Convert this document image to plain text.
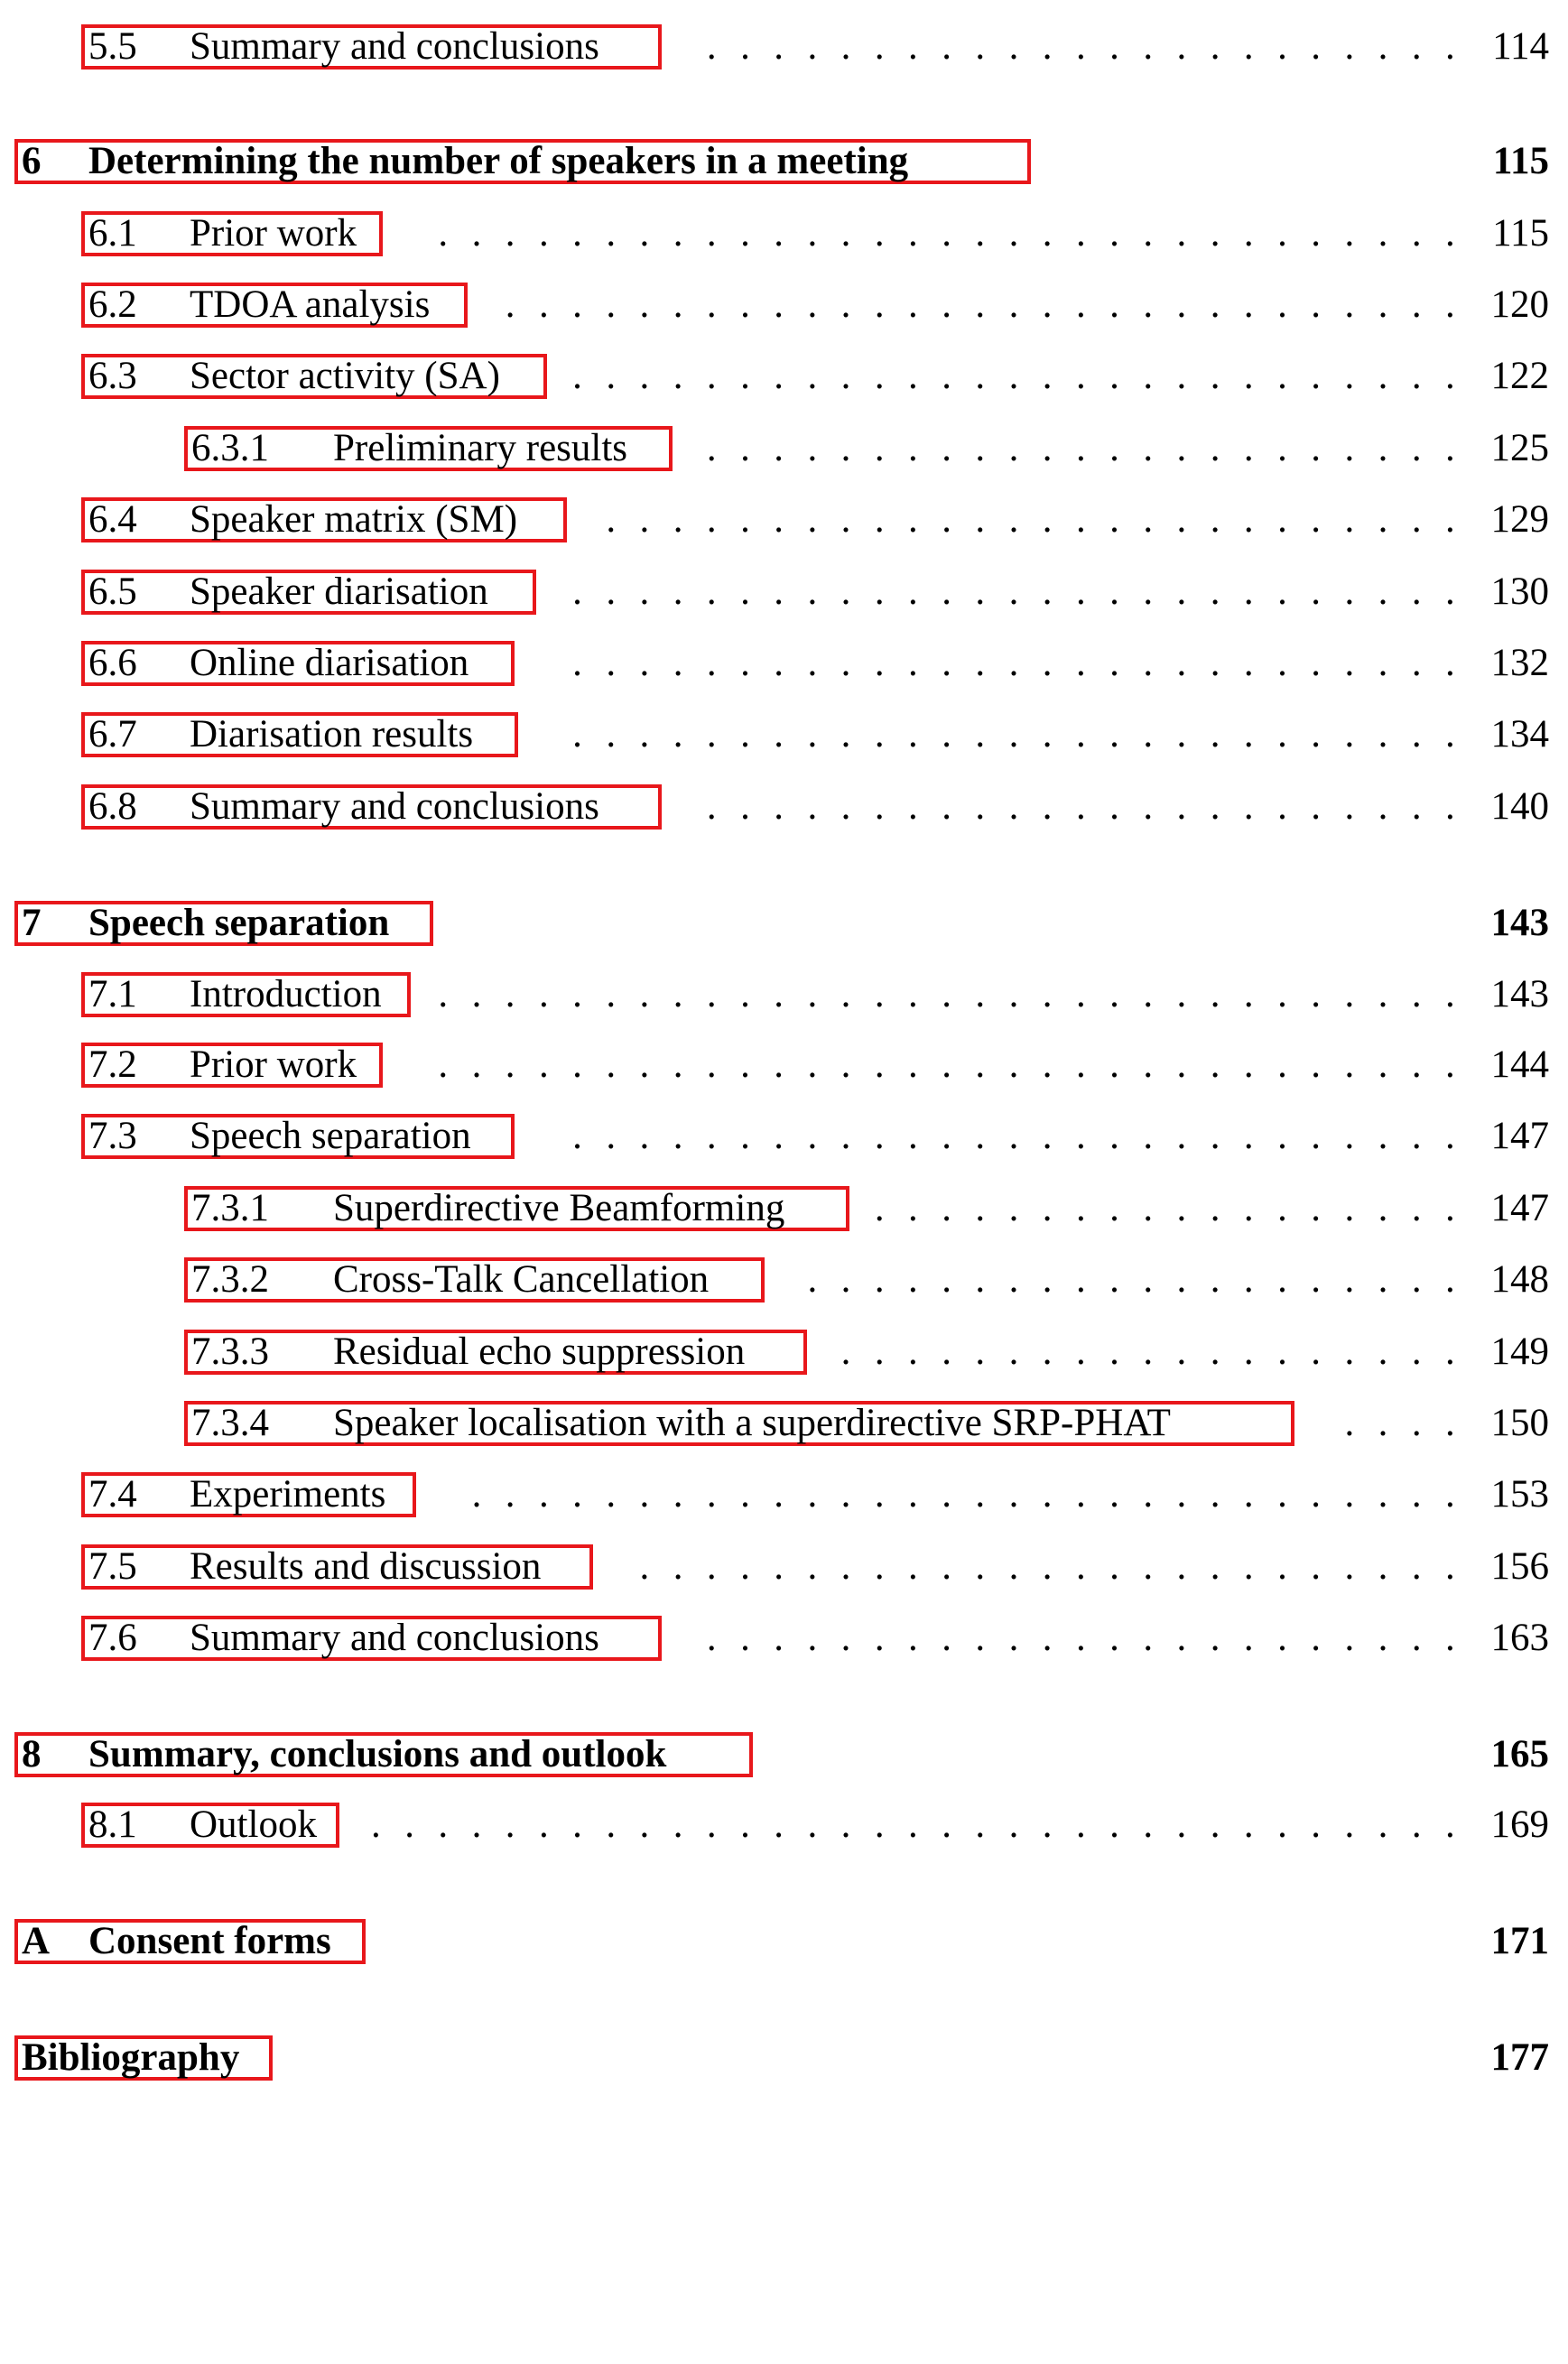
5.5 Summary and conclusions	. . . . . . . . . . . . . . . . . . . . . . . 114
6 Determining the number of speakers in a meeting	115
6.1 Prior work	. . . . . . . . . . . . . . . . . . . . . . . . . . . . . . . 115
6.2 TDOA analysis	. . . . . . . . . . . . . . . . . . . . . . . . . . . . . 120
6.3 Sector activity (SA)	. . . . . . . . . . . . . . . . . . . . . . . . . . . 122
6.3.1 Preliminary results	. . . . . . . . . . . . . . . . . . . . . . . 125
6.4 Speaker matrix (SM)	. . . . . . . . . . . . . . . . . . . . . . . . . . 129
6.5 Speaker diarisation	. . . . . . . . . . . . . . . . . . . . . . . . . . . 130
6.6 Online diarisation	. . . . . . . . . . . . . . . . . . . . . . . . . . . 132
6.7 Diarisation results	. . . . . . . . . . . . . . . . . . . . . . . . . . . 134
6.8 Summary and conclusions	. . . . . . . . . . . . . . . . . . . . . . . 140
7 Speech separation	143
7.1 Introduction	. . . . . . . . . . . . . . . . . . . . . . . . . . . . . . . 143
7.2 Prior work	. . . . . . . . . . . . . . . . . . . . . . . . . . . . . . . 144
7.3 Speech separation	. . . . . . . . . . . . . . . . . . . . . . . . . . . 147
7.3.1 Superdirective Beamforming	. . . . . . . . . . . . . . . . . . 147
7.3.2 Cross-Talk Cancellation	. . . . . . . . . . . . . . . . . . . . 148
7.3.3 Residual echo suppression	. . . . . . . . . . . . . . . . . . . 149
7.3.4 Speaker localisation with a superdirective SRP-PHAT	. . . . 150
7.4 Experiments	. . . . . . . . . . . . . . . . . . . . . . . . . . . . . . 153
7.5 Results and discussion	. . . . . . . . . . . . . . . . . . . . . . . . . 156
7.6 Summary and conclusions	. . . . . . . . . . . . . . . . . . . . . . . 163
8 Summary, conclusions and outlook	165
8.1 Outlook	. . . . . . . . . . . . . . . . . . . . . . . . . . . . . . . . . 169
A Consent forms	171
Bibliography	177
